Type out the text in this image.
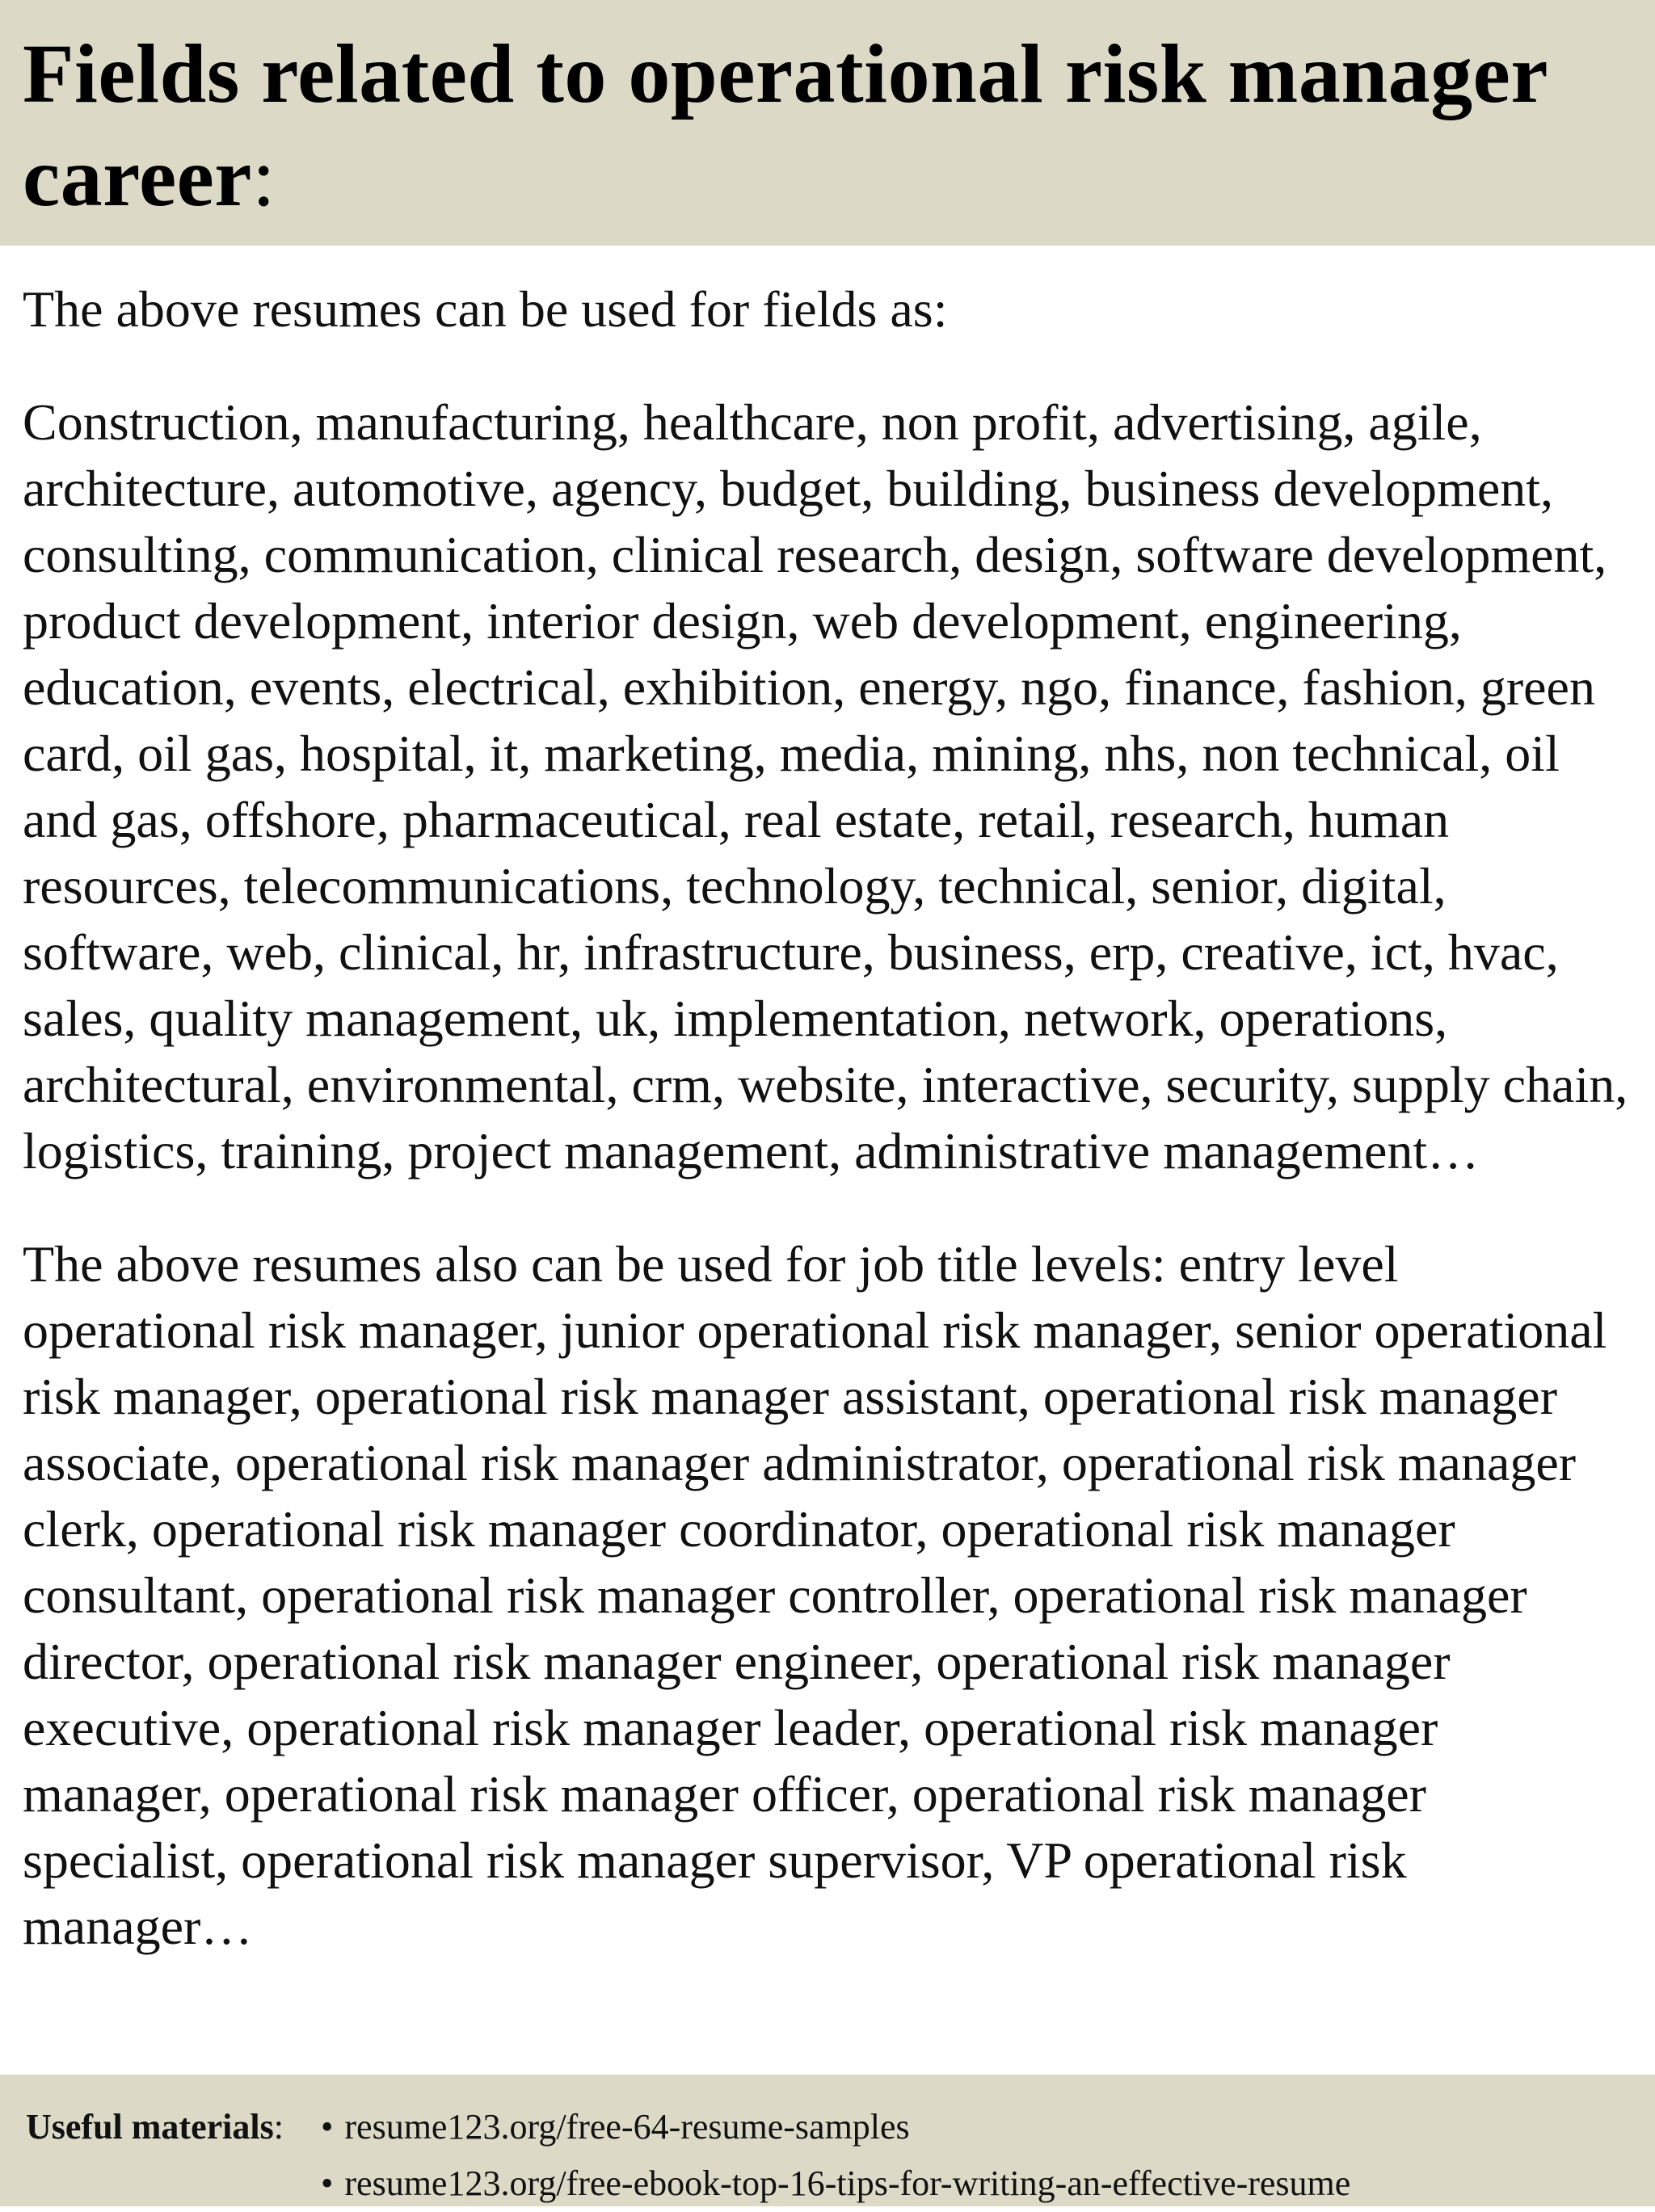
Fields related to operational risk manager career:

The above resumes can be used for fields as:

Construction, manufacturing, healthcare, non profit, advertising, agile, architecture, automotive, agency, budget, building, business development, consulting, communication, clinical research, design, software development, product development, interior design, web development, engineering, education, events, electrical, exhibition, energy, ngo, finance, fashion, green card, oil gas, hospital, it, marketing, media, mining, nhs, non technical, oil and gas, offshore, pharmaceutical, real estate, retail, research, human resources, telecommunications, technology, technical, senior, digital, software, web, clinical, hr, infrastructure, business, erp, creative, ict, hvac, sales, quality management, uk, implementation, network, operations, architectural, environmental, crm, website, interactive, security, supply chain, logistics, training, project management, administrative management…

The above resumes also can be used for job title levels: entry level operational risk manager, junior operational risk manager, senior operational risk manager, operational risk manager assistant, operational risk manager associate, operational risk manager administrator, operational risk manager clerk, operational risk manager coordinator, operational risk manager consultant, operational risk manager controller, operational risk manager director, operational risk manager engineer, operational risk manager executive, operational risk manager leader, operational risk manager manager, operational risk manager officer, operational risk manager specialist, operational risk manager supervisor, VP operational risk manager…

Useful materials:	• resume123.org/free-64-resume-samples
• resume123.org/free-ebook-top-16-tips-for-writing-an-effective-resume
